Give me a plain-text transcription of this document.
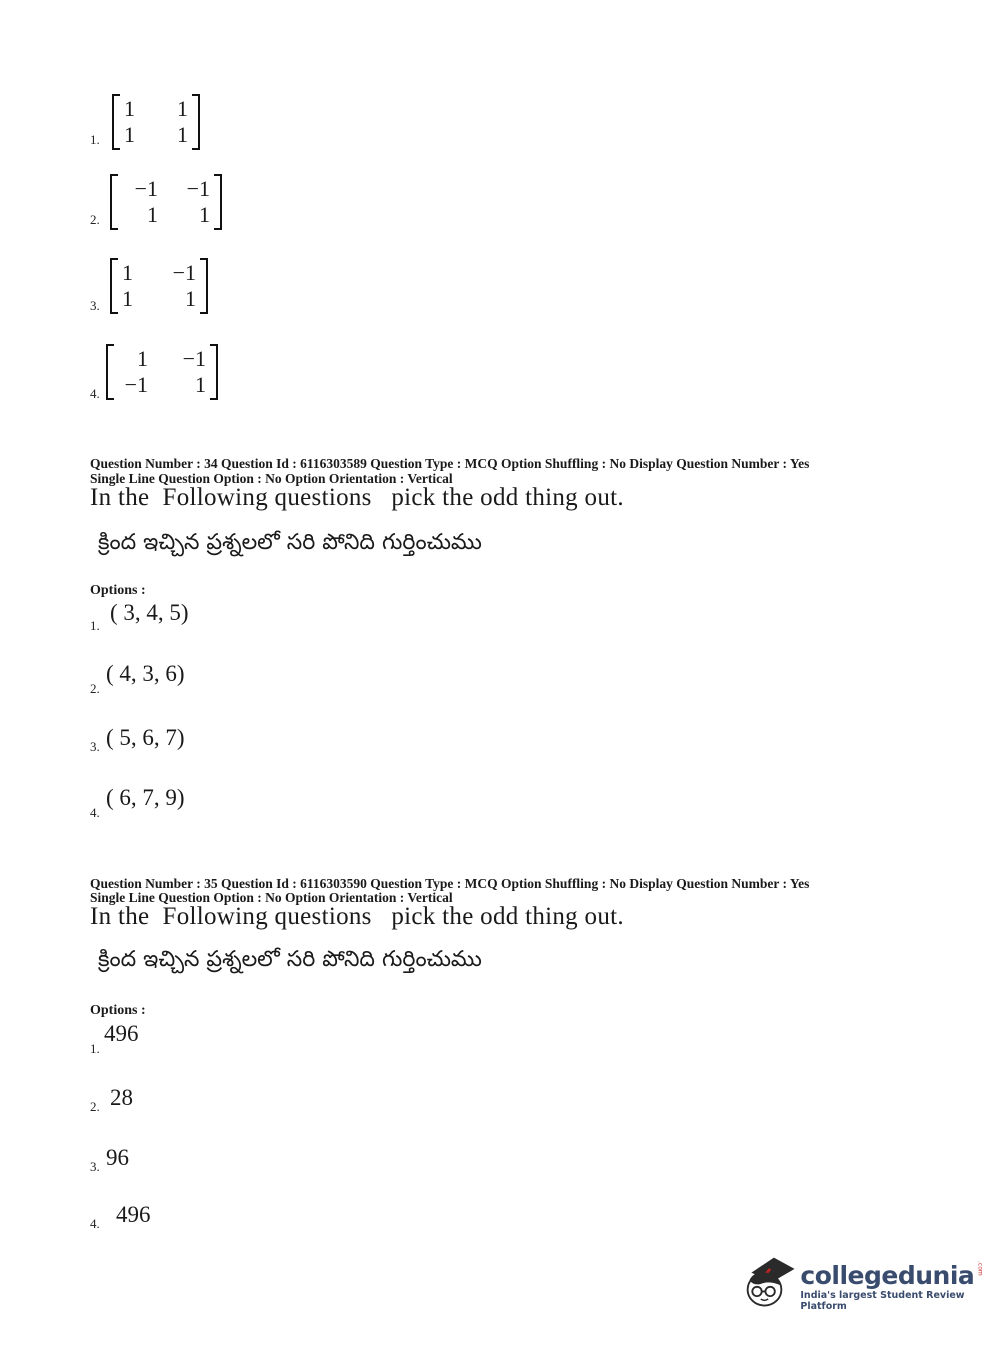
1.
1	1
1	1
2.
−1	−1
1	1
3.
1	−1
1	1
4.
1	−1
−1	1
Question Number : 34 Question Id : 6116303589 Question Type : MCQ Option Shuffling : No Display Question Number : Yes
Single Line Question Option : No Option Orientation : Vertical
In the  Following questions   pick the odd thing out.
క్రింద ఇచ్చిన ప్రశ్నలలో సరి పోనిది గుర్తించుము
Options :
1.
( 3, 4, 5)
2.
( 4, 3, 6)
3. ( 5, 6, 7)
4.
( 6, 7, 9)
Question Number : 35 Question Id : 6116303590 Question Type : MCQ Option Shuffling : No Display Question Number : Yes
Single Line Question Option : No Option Orientation : Vertical
In the  Following questions   pick the odd thing out.
క్రింద ఇచ్చిన ప్రశ్నలలో సరి పోనిది గుర్తించుము
Options :
1.
496
2. 28
3. 96
4. 496
collegedunia .com
India's largest Student Review Platform
